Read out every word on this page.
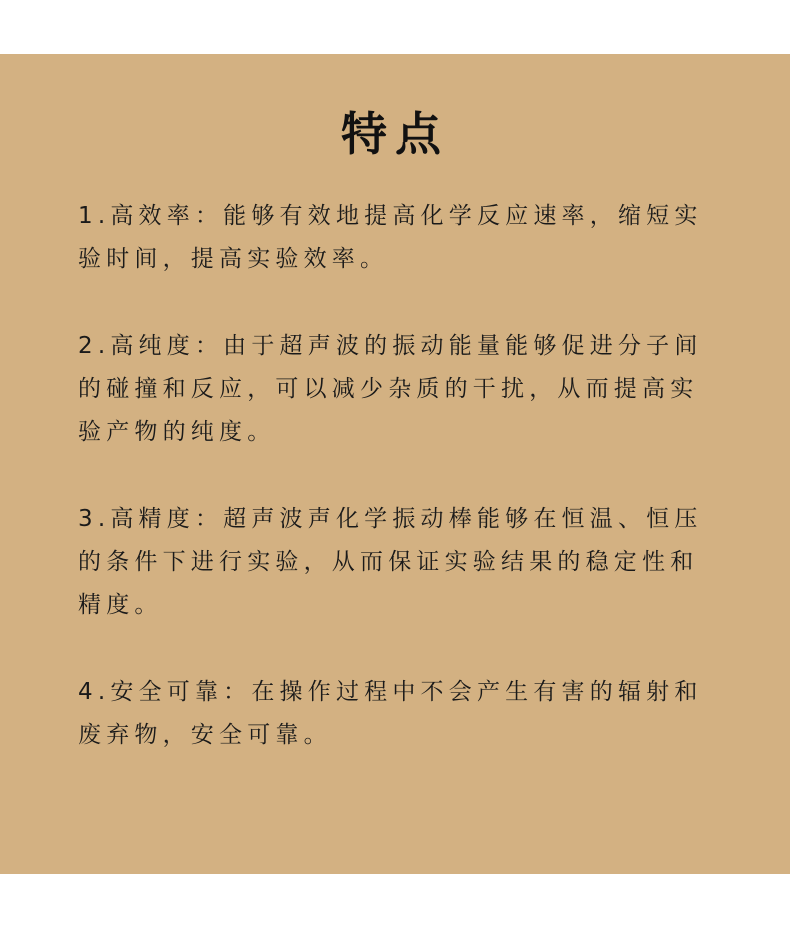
特点

1.高效率：能够有效地提高化学反应速率，缩短实验时间，提高实验效率。

2.高纯度：由于超声波的振动能量能够促进分子间的碰撞和反应，可以减少杂质的干扰，从而提高实验产物的纯度。

3.高精度：超声波声化学振动棒能够在恒温、恒压的条件下进行实验，从而保证实验结果的稳定性和精度。

4.安全可靠：在操作过程中不会产生有害的辐射和废弃物，安全可靠。
